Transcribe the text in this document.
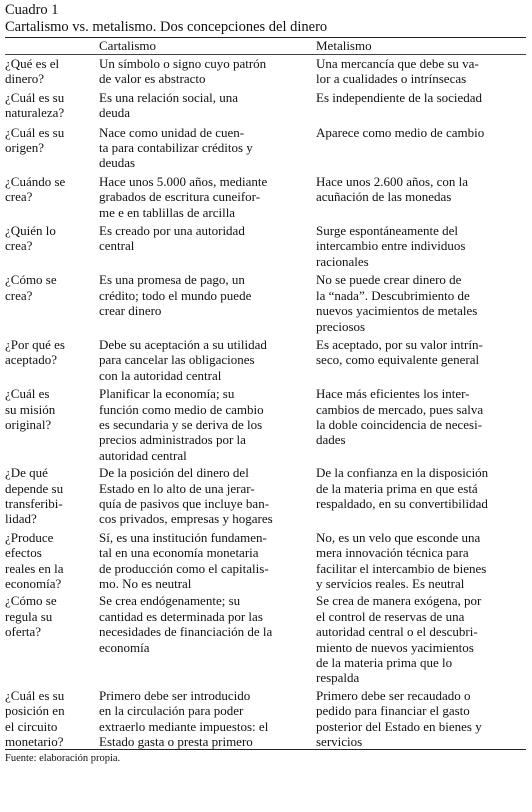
Cuadro 1
Cartalismo vs. metalismo. Dos concepciones del dinero
Cartalismo	Metalismo
¿Qué es el
dinero?
Un símbolo o signo cuyo patrón
de valor es abstracto
Una mercancía que debe su va-
lor a cualidades o intrínsecas
¿Cuál es su
naturaleza?
Es una relación social, una
deuda
Es independiente de la sociedad
¿Cuál es su
origen?
Nace como unidad de cuen-
ta para contabilizar créditos y
deudas
Aparece como medio de cambio
¿Cuándo se
crea?
Hace unos 5.000 años, mediante
grabados de escritura cuneifor-
me e en tablillas de arcilla
Hace unos 2.600 años, con la
acuñación de las monedas
¿Quién lo
crea?
Es creado por una autoridad
central
Surge espontáneamente del
intercambio entre individuos
racionales
¿Cómo se
crea?
Es una promesa de pago, un
crédito; todo el mundo puede
crear dinero
No se puede crear dinero de
la “nada”. Descubrimiento de
nuevos yacimientos de metales
preciosos
¿Por qué es
aceptado?
Debe su aceptación a su utilidad
para cancelar las obligaciones
con la autoridad central
Es aceptado, por su valor intrín-
seco, como equivalente general
¿Cuál es
su misión
original?
Planificar la economía; su
función como medio de cambio
es secundaria y se deriva de los
precios administrados por la
autoridad central
Hace más eficientes los inter-
cambios de mercado, pues salva
la doble coincidencia de necesi-
dades
¿De qué
depende su
transferibi-
lidad?
De la posición del dinero del
Estado en lo alto de una jerar-
quía de pasivos que incluye ban-
cos privados, empresas y hogares
De la confianza en la disposición
de la materia prima en que está
respaldado, en su convertibilidad
¿Produce
efectos
reales en la
economía?
Sí, es una institución fundamen-
tal en una economía monetaria
de producción como el capitalis-
mo. No es neutral
No, es un velo que esconde una
mera innovación técnica para
facilitar el intercambio de bienes
y servicios reales. Es neutral
¿Cómo se
regula su
oferta?
Se crea endógenamente; su
cantidad es determinada por las
necesidades de financiación de la
economía
Se crea de manera exógena, por
el control de reservas de una
autoridad central o el descubri-
miento de nuevos yacimientos
de la materia prima que lo
respalda
¿Cuál es su
posición en
el circuito
monetario?
Primero debe ser introducido
en la circulación para poder
extraerlo mediante impuestos: el
Estado gasta o presta primero
Primero debe ser recaudado o
pedido para financiar el gasto
posterior del Estado en bienes y
servicios
Fuente: elaboración propia.
